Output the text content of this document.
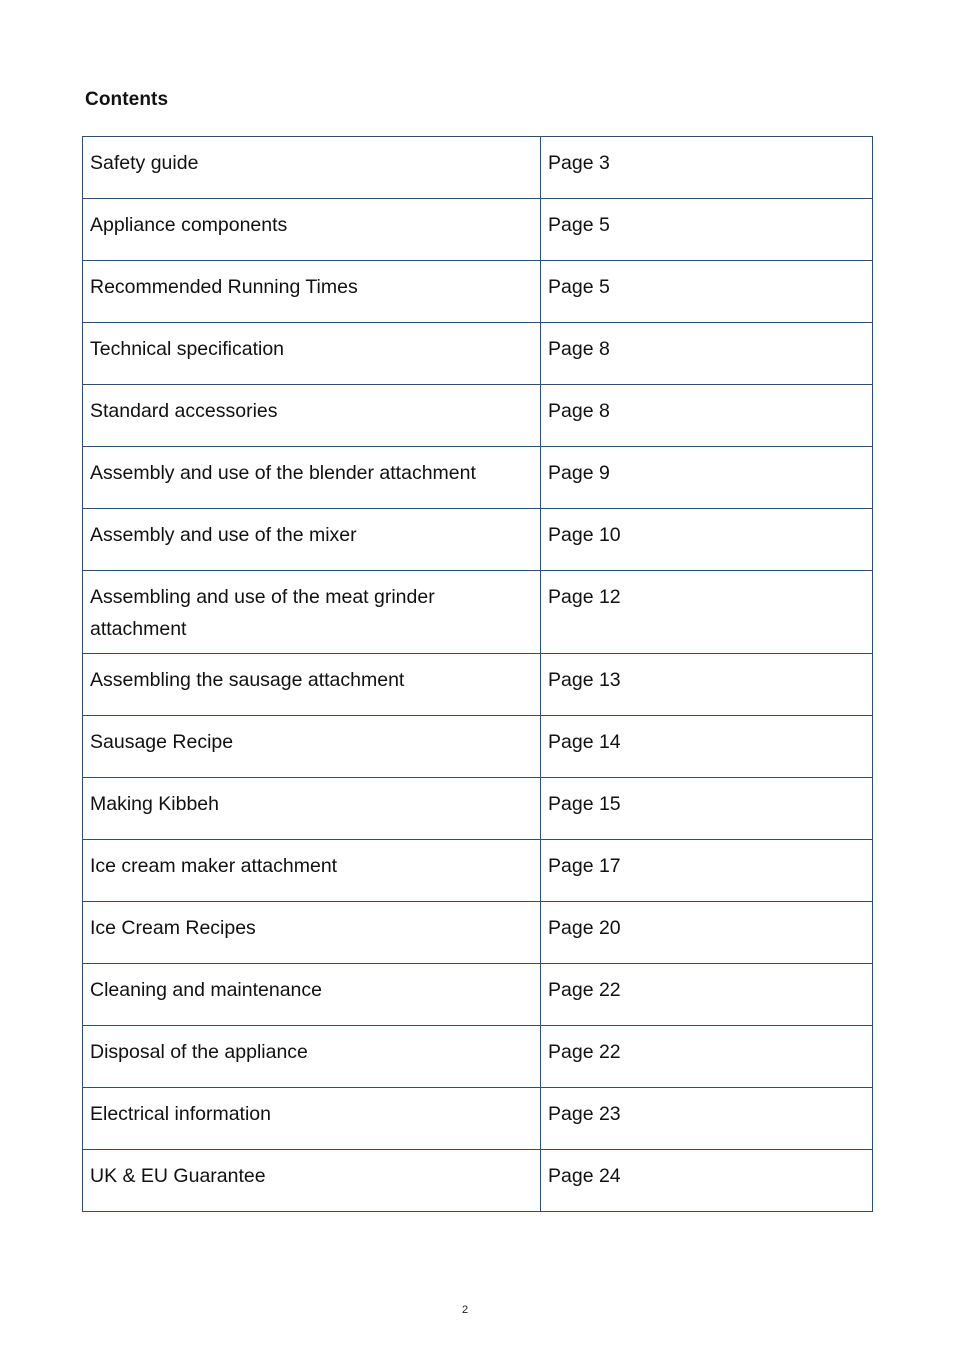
Contents
Safety guide	Page 3
Appliance components	Page 5
Recommended Running Times	Page 5
Technical specification	Page 8
Standard accessories	Page 8
Assembly and use of the blender attachment	Page 9
Assembly and use of the mixer	Page 10
Assembling and use of the meat grinder attachment	Page 12
Assembling the sausage attachment	Page 13
Sausage Recipe	Page 14
Making Kibbeh	Page 15
Ice cream maker attachment	Page 17
Ice Cream Recipes	Page 20
Cleaning and maintenance	Page 22
Disposal of the appliance	Page 22
Electrical information	Page 23
UK & EU Guarantee	Page 24
2
